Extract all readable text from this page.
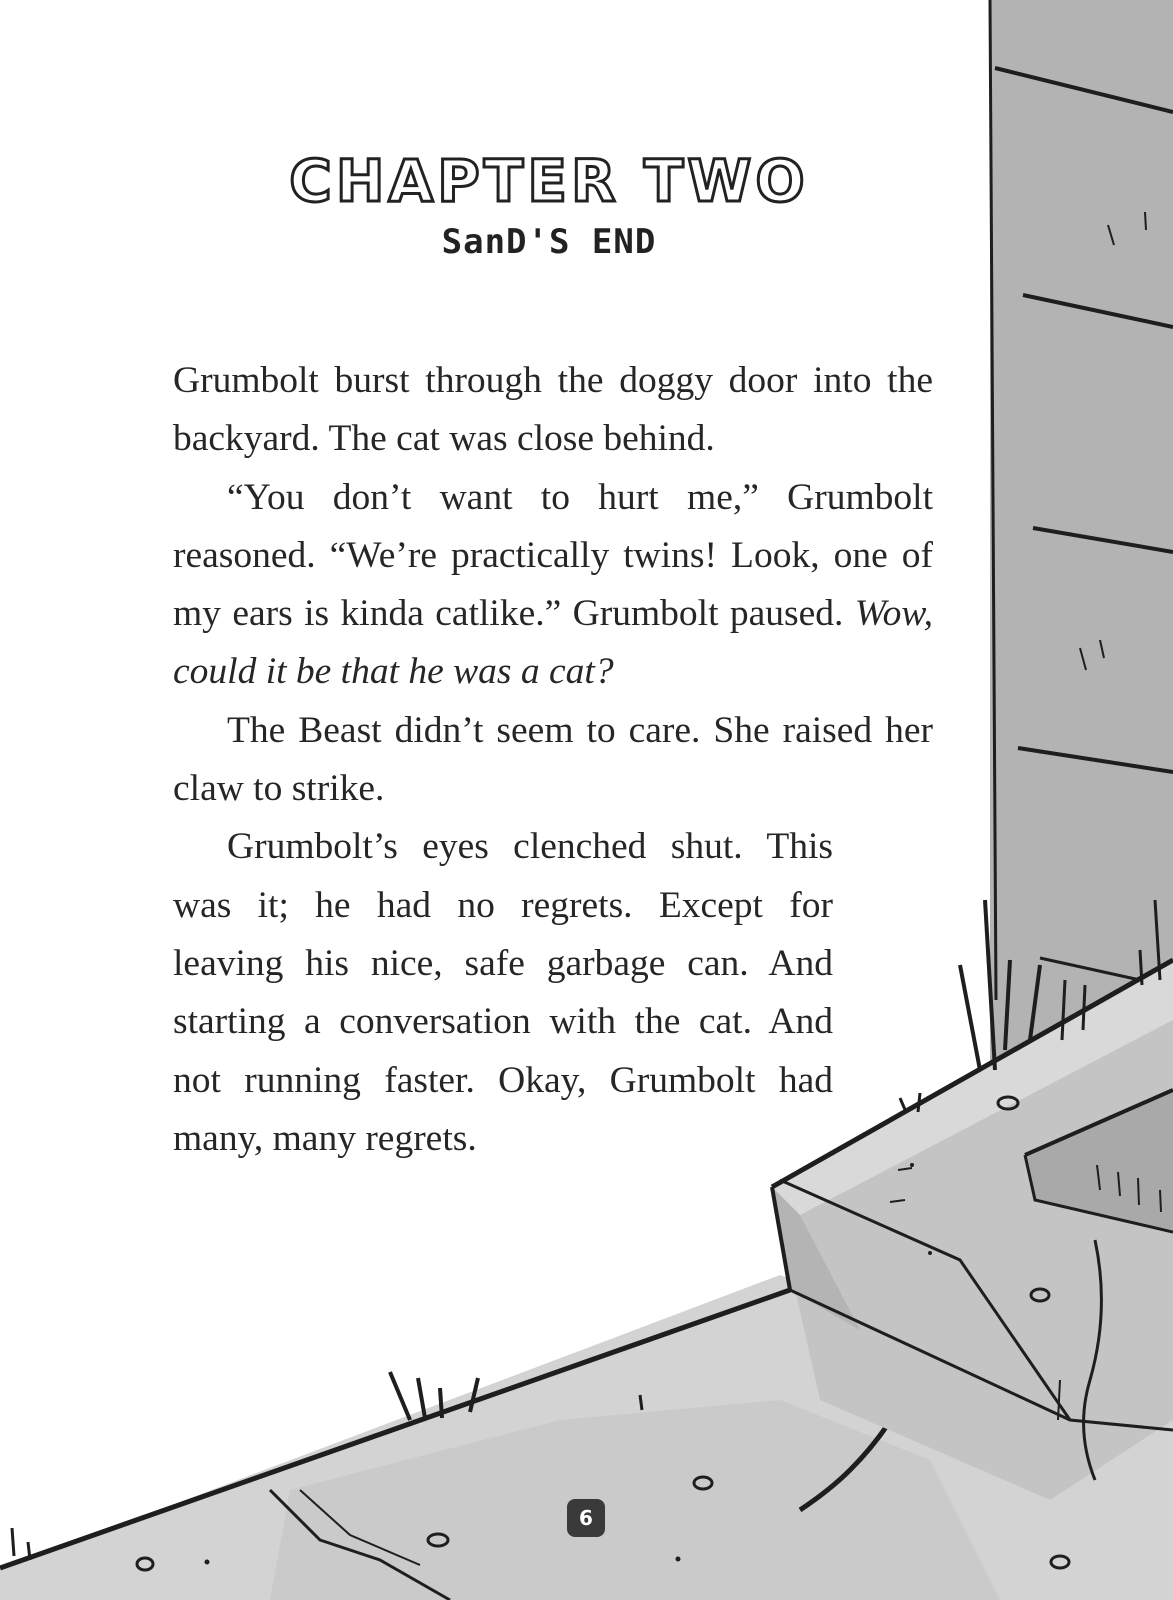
CHAPTER TWO
SanD'S END

Grumbolt burst through the doggy door into the backyard. The cat was close behind.

“You don’t want to hurt me,” Grumbolt reasoned. “We’re practically twins! Look, one of my ears is kinda catlike.” Grumbolt paused. Wow, could it be that he was a cat?

The Beast didn’t seem to care. She raised her claw to strike.

Grumbolt’s eyes clenched shut. This was it; he had no regrets. Except for leaving his nice, safe garbage can. And starting a conversation with the cat. And not running faster. Okay, Grumbolt had many, many regrets.

6
